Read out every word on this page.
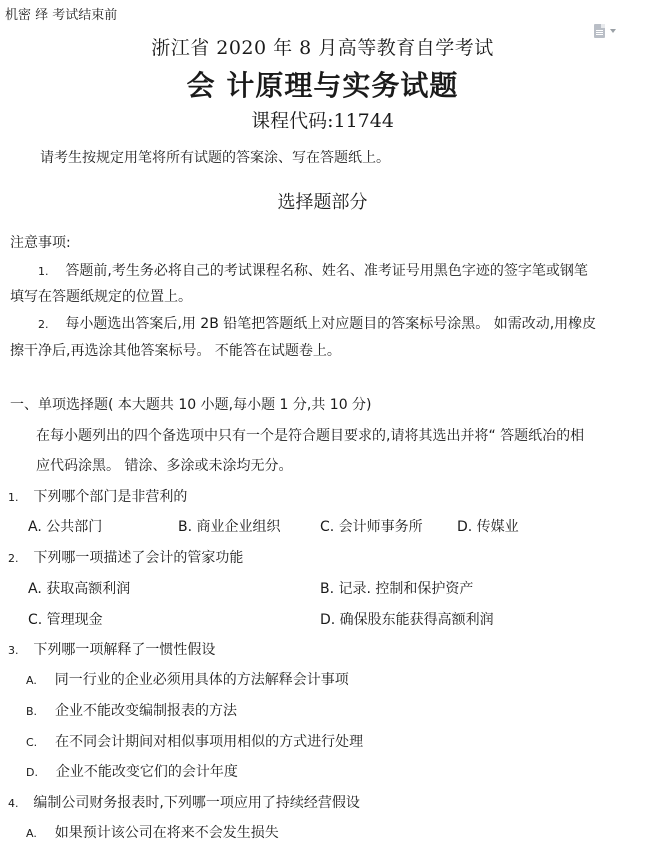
机密 绎 考试结束前
浙江省 2020 年 8 月高等教育自学考试
会 计原理与实务试题
课程代码:11744
请考生按规定用笔将所有试题的答案涂、写在答题纸上。
选择题部分
注意事项:
1. 答题前,考生务必将自己的考试课程名称、姓名、准考证号用黑色字迹的签字笔或钢笔
填写在答题纸规定的位置上。
2. 每小题选出答案后,用 2B 铅笔把答题纸上对应题目的答案标号涂黑。 如需改动,用橡皮
擦干净后,再选涂其他答案标号。 不能答在试题卷上。
一、单项选择题( 本大题共 10 小题,每小题 1 分,共 10 分)
在每小题列出的四个备选项中只有一个是符合题目要求的,请将其选出并将“ 答题纸冶的相
应代码涂黑。 错涂、多涂或未涂均无分。
1. 下列哪个部门是非营利的
A. 公共部门	B. 商业企业组织	C. 会计师事务所 D. 传媒业
2. 下列哪一项描述了会计的管家功能
A. 获取高额利润	B. 记录. 控制和保护资产
C. 管理现金	D. 确保股东能获得高额利润
3. 下列哪一项解释了一惯性假设
A. 同一行业的企业必须用具体的方法解释会计事项
B. 企业不能改变编制报表的方法
C. 在不同会计期间对相似事项用相似的方式进行处理
D. 企业不能改变它们的会计年度
4. 编制公司财务报表时,下列哪一项应用了持续经营假设
A. 如果预计该公司在将来不会发生损失
